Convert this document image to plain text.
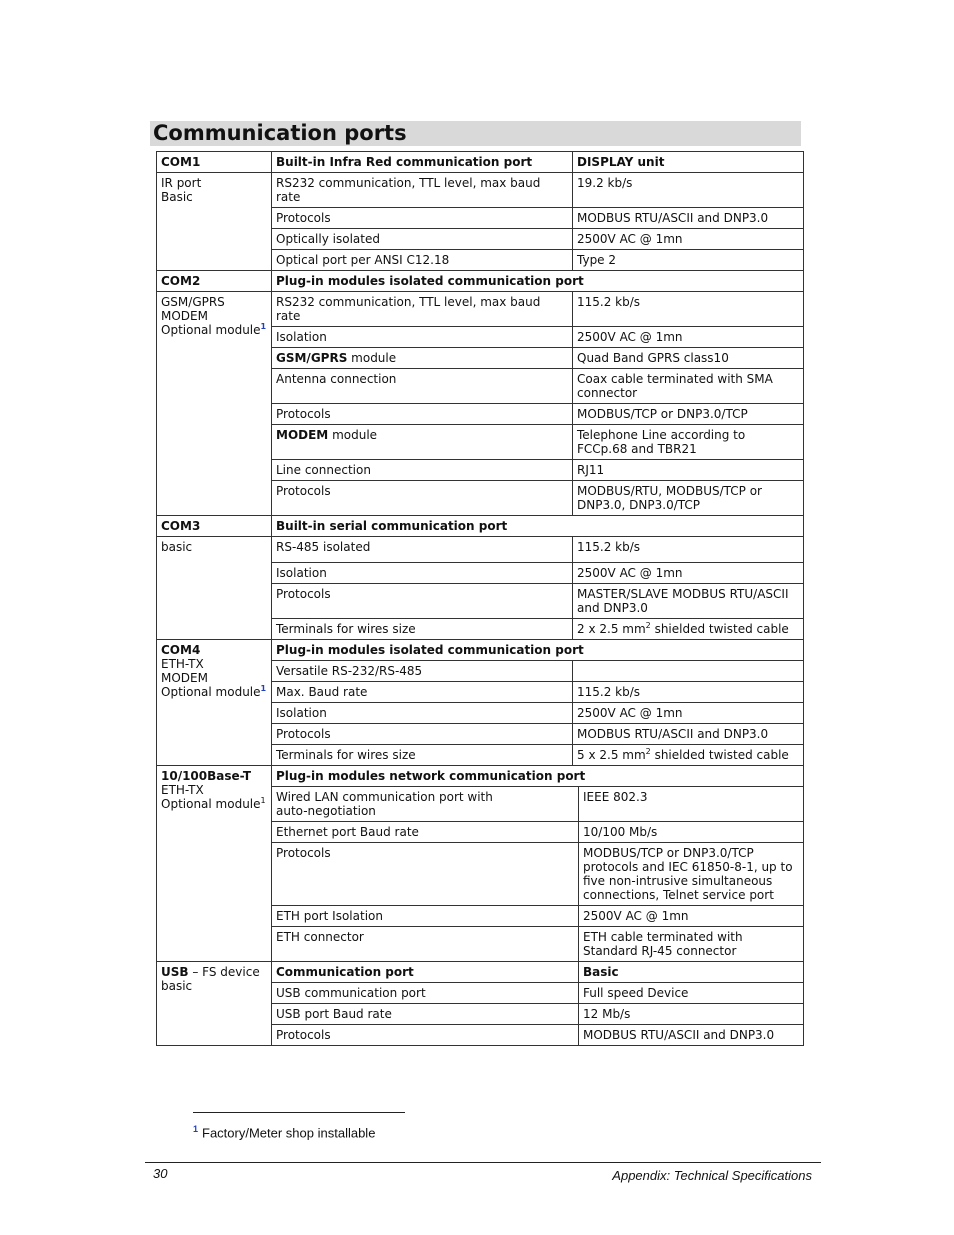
Communication ports
COM1	Built-in Infra Red communication port	DISPLAY unit	

IR port
Basic	RS232 communication, TTL level, max baud rate	19.2 kb/s	
	Protocols	MODBUS RTU/ASCII and DNP3.0	
	Optically isolated	2500V AC @ 1mn	
	Optical port per ANSI C12.18	Type 2	
COM2	Plug-in modules isolated communication port		

GSM/GPRS
MODEM
Optional module$^1$	RS232 communication, TTL level, max baud rate	115.2 kb/s	
	Isolation	2500V AC @ 1mn	
	GSM/GPRS module	Quad Band GPRS class10	
	Antenna connection	Coax cable terminated with SMA connector	
	Protocols	MODBUS/TCP or DNP3.0/TCP	
	MODEM module	Telephone Line according to FCCp.68 and TBR21	
	Line connection	RJ11	
	Protocols	MODBUS/RTU, MODBUS/TCP or DNP3.0, DNP3.0/TCP	
COM3	Built-in serial communication port		
basic	RS-485 isolated	115.2 kb/s	
	Isolation	2500V AC @ 1mn	
	Protocols	MASTER/SLAVE MODBUS RTU/ASCII and DNP3.0	
	Terminals for wires size	2 x 2.5 $mm^2$ shielded twisted cable	

COM4
ETH-TX
MODEM
Optional module$^1$	Plug-in modules isolated communication port		
	Versatile RS-232/RS-485		
	Max. Baud rate	115.2 kb/s	
	Isolation	2500V AC @ 1mn	
	Protocols	MODBUS RTU/ASCII and DNP3.0	
	Terminals for wires size	5 x 2.5 $mm^2$ shielded twisted cable	

10/100Base-T
ETH-TX
Optional module$^1$	Plug-in modules network communication port		
	Wired LAN communication port with auto-negotiation		IEEE 802.3
	Ethernet port Baud rate		10/100 Mb/s
	Protocols		MODBUS/TCP or DNP3.0/TCP protocols and IEC 61850-8-1, up to five non-intrusive simultaneous connections, Telnet service port
	ETH port Isolation		2500V AC @ 1mn
	ETH connector		ETH cable terminated with Standard RJ-45 connector

USB – FS device
basic	Communication port		Basic
	USB communication port		Full speed Device
	USB port Baud rate		12 Mb/s
	Protocols		MODBUS RTU/ASCII and DNP3.0
$^1$ Factory/Meter shop installable
30	Appendix: Technical Specifications
